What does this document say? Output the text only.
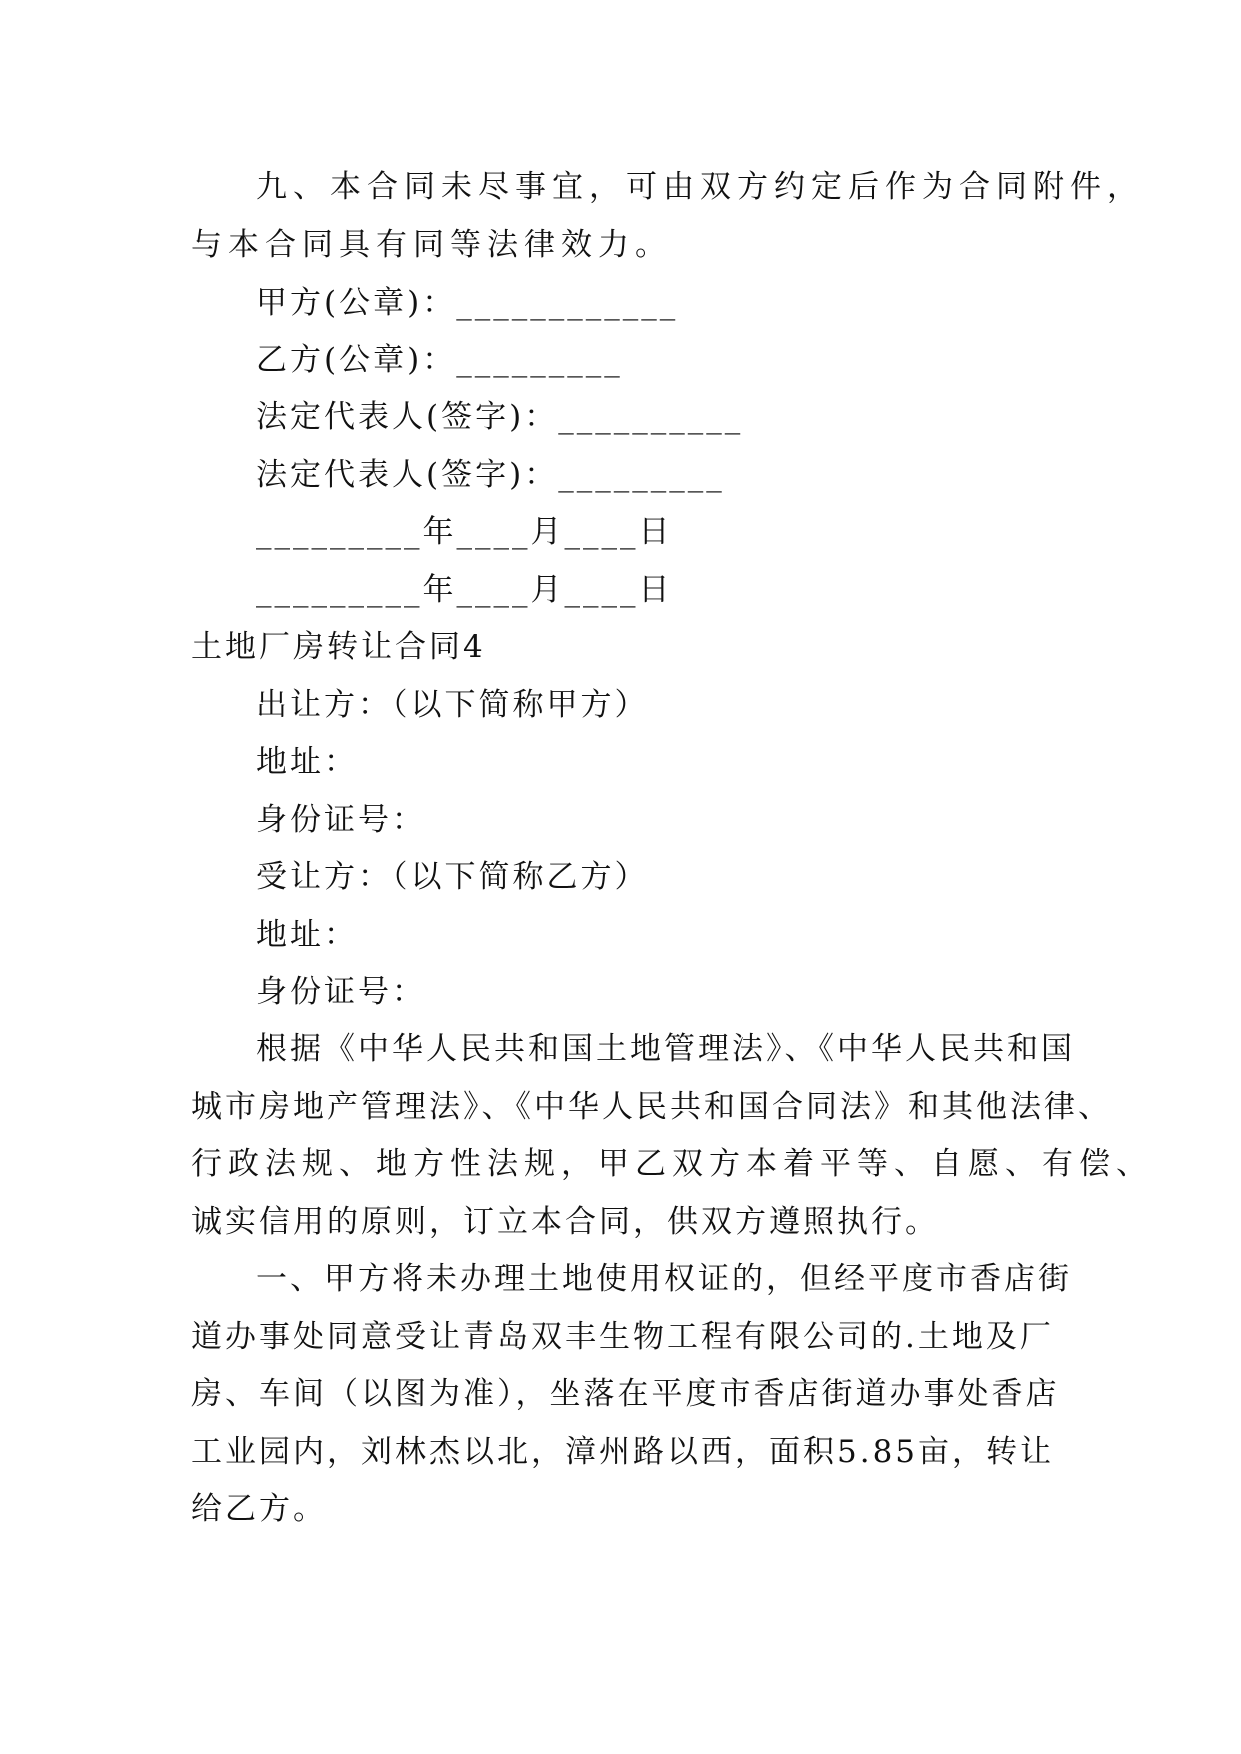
九、本合同未尽事宜，可由双方约定后作为合同附件，
与本合同具有同等法律效力。
甲方(公章)：____________
乙方(公章)：_________
法定代表人(签字)：__________
法定代表人(签字)：_________
_________年____月____日
_________年____月____日
土地厂房转让合同4
出让方：（以下简称甲方）
地址：
身份证号：
受让方：（以下简称乙方）
地址：
身份证号：
根据《中华人民共和国土地管理法》、《中华人民共和国
城市房地产管理法》、《中华人民共和国合同法》和其他法律、
行政法规、地方性法规，甲乙双方本着平等、自愿、有偿、
诚实信用的原则，订立本合同，供双方遵照执行。
一、甲方将未办理土地使用权证的，但经平度市香店街
道办事处同意受让青岛双丰生物工程有限公司的.土地及厂
房、车间（以图为准），坐落在平度市香店街道办事处香店
工业园内，刘林杰以北，漳州路以西，面积5.85亩，转让
给乙方。
